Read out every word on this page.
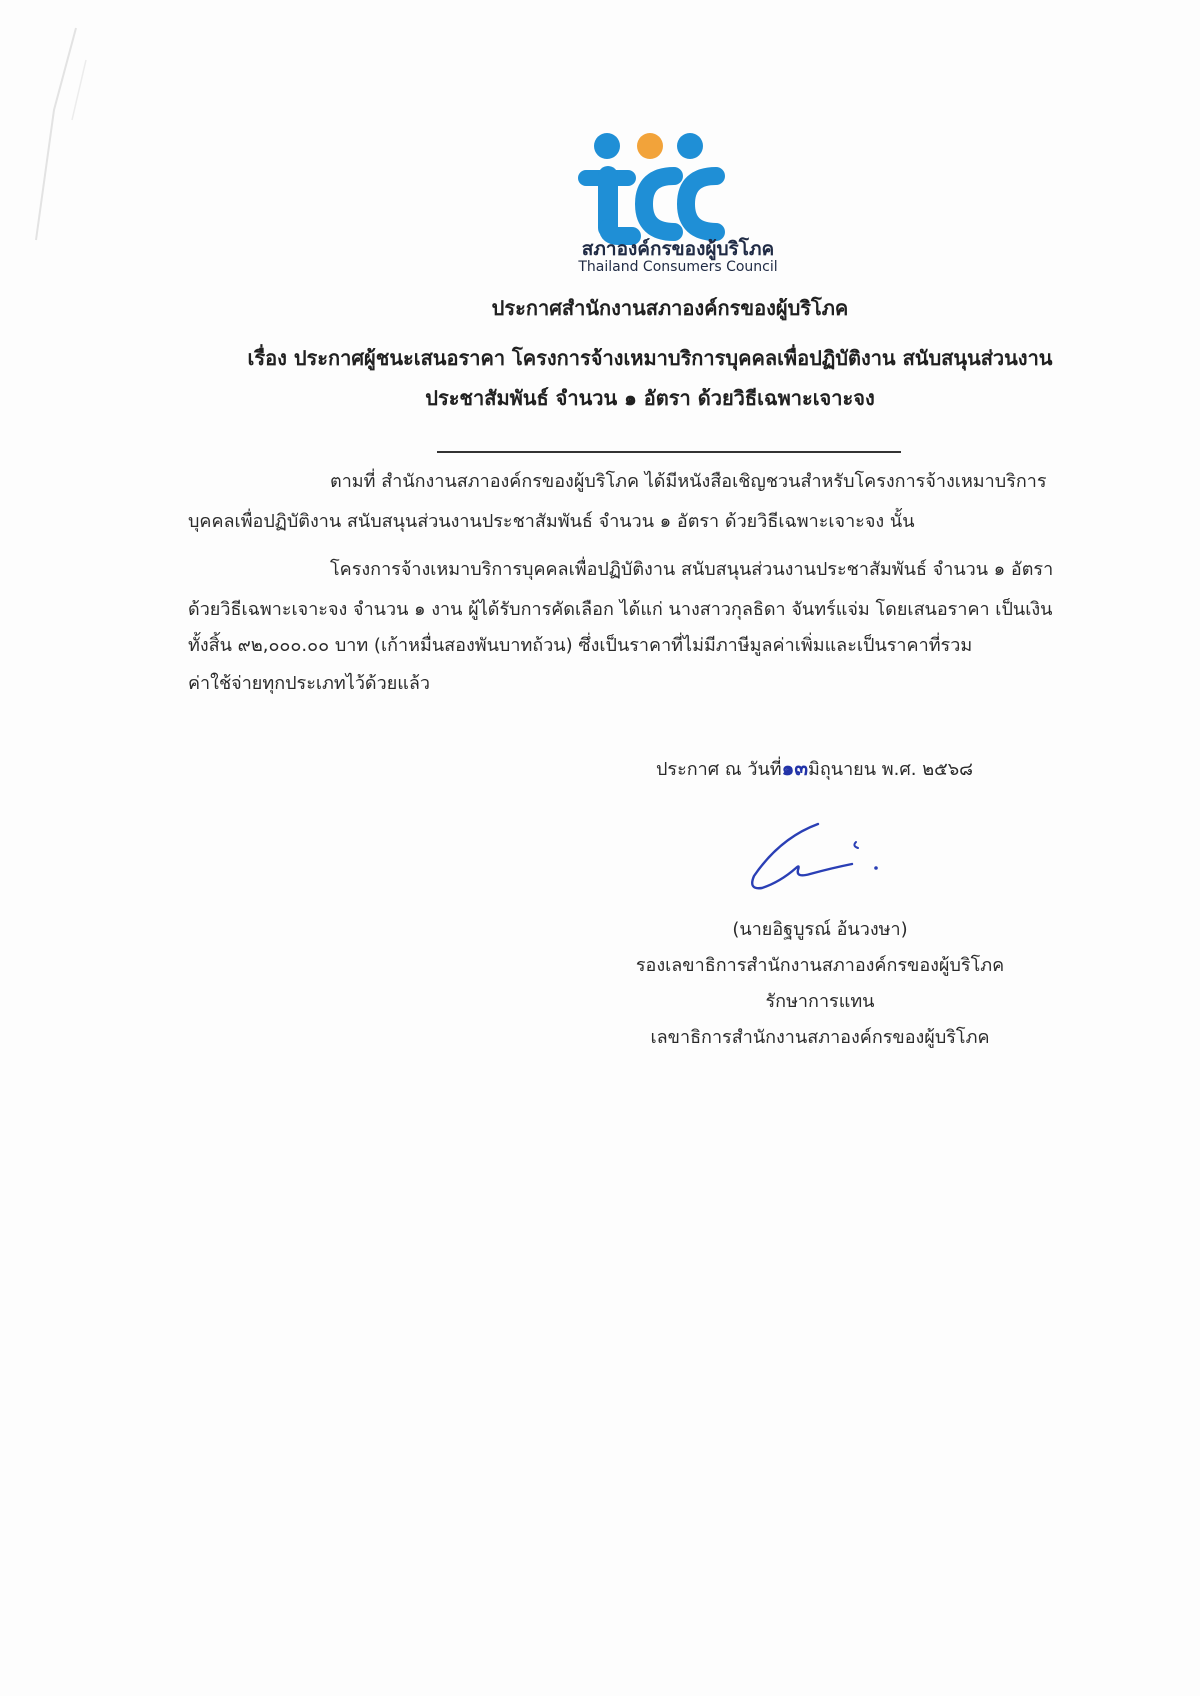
สภาองค์กรของผู้บริโภค
Thailand Consumers Council
ประกาศสำนักงานสภาองค์กรของผู้บริโภค
เรื่อง ประกาศผู้ชนะเสนอราคา โครงการจ้างเหมาบริการบุคคลเพื่อปฏิบัติงาน สนับสนุนส่วนงาน
ประชาสัมพันธ์ จำนวน ๑ อัตรา ด้วยวิธีเฉพาะเจาะจง
ตามที่ สำนักงานสภาองค์กรของผู้บริโภค ได้มีหนังสือเชิญชวนสำหรับโครงการจ้างเหมาบริการ
บุคคลเพื่อปฏิบัติงาน สนับสนุนส่วนงานประชาสัมพันธ์ จำนวน ๑ อัตรา ด้วยวิธีเฉพาะเจาะจง นั้น
โครงการจ้างเหมาบริการบุคคลเพื่อปฏิบัติงาน สนับสนุนส่วนงานประชาสัมพันธ์ จำนวน ๑ อัตรา
ด้วยวิธีเฉพาะเจาะจง จำนวน ๑ งาน ผู้ได้รับการคัดเลือก ได้แก่ นางสาวกุลธิดา จันทร์แจ่ม โดยเสนอราคา เป็นเงิน
ทั้งสิ้น ๙๒,๐๐๐.๐๐ บาท (เก้าหมื่นสองพันบาทถ้วน) ซึ่งเป็นราคาที่ไม่มีภาษีมูลค่าเพิ่มและเป็นราคาที่รวม
ค่าใช้จ่ายทุกประเภทไว้ด้วยแล้ว
ประกาศ ณ วันที่๑๓มิถุนายน พ.ศ. ๒๕๖๘
(นายอิฐบูรณ์ อ้นวงษา)
รองเลขาธิการสำนักงานสภาองค์กรของผู้บริโภค
รักษาการแทน
เลขาธิการสำนักงานสภาองค์กรของผู้บริโภค
